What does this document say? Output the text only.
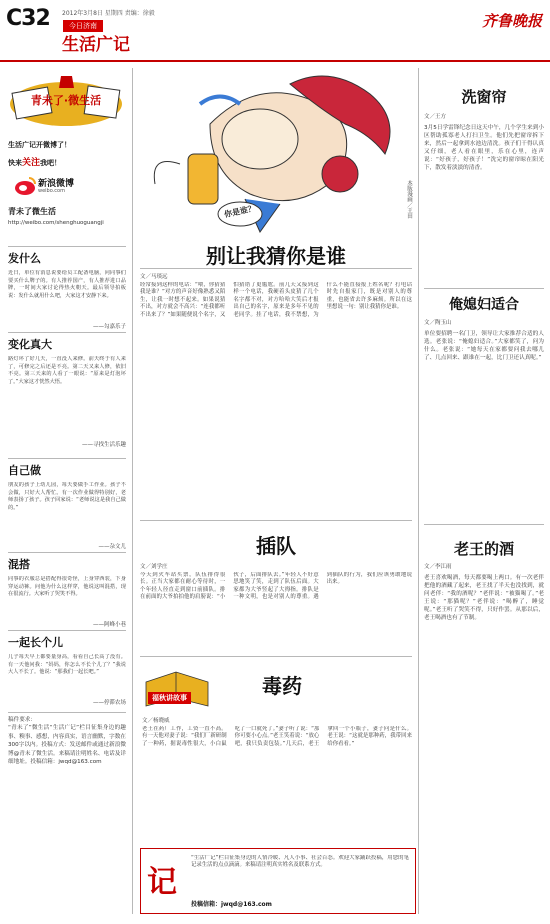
C32 2012年3月8日 星期四 责编：徐毅
今日济南
生活广记
齐鲁晚报
青未了·微生活
生活广记开微博了！
快来关注我吧！
新浪微博
weibo.com
青未了微生活
http://weibo.com/shenghuoguangji
发什么
近日，单位有消息说要给员工配备电脑，问同事们要买什么牌子的。有人推荐国产，有人推荐进口品牌，一时间大家讨论得热火朝天。最后领导拍板说：发什么就用什么吧，大家这才安静下来。
——勾嘉乐子
变化真大
路灯坏了好几天，一直没人来修。前天终于有人来了，可修完之后还是不亮。第二天又来人修，依旧不亮。第三天来的人看了一眼说：“原来是灯泡坏了。”大家这才恍然大悟。
——寻找生活乐趣
自己做
朋友的孩子上幼儿园，每天要做手工作业。孩子不会做，只好大人帮忙。有一次作业做得特别好，老师表扬了孩子。孩子回家说：“老师说这是我自己做的。”
——杂文儿
混搭
同事的衣服总是搭配得很奇怪，上身穿西装，下身穿运动裤。问他为什么这样穿，他说这叫混搭，现在很流行。大家听了哭笑不得。
——阿峰小巷
一起长个儿
儿子每天早上都要量身高，看看自己长高了没有。有一天他问我：“妈妈，你怎么不长个儿了？”我说大人不长了。他说：“那我们一起长吧。”
——停滞农场
稿件要求：
“青未了”微生活“生活广记”栏目征集身边的趣事、糗事、感想，内容真实，语言幽默，字数在300字以内。投稿方式：发送邮件或通过新浪微博@青未了微生活。来稿请注明姓名、电话及详细地址。投稿信箱：jwqd@163.com
你是谁？	本版漫画／王田
别让我猜你是谁
文／马琰远
经常接到这样的电话：“喂，你猜猜我是谁？”对方的声音好像熟悉又陌生，让我一时想不起来。如果说猜不出，对方就会不高兴：“连我都听不出来了？”如果随便说个名字，又怕猜错了更尴尬。前几天又接到这样一个电话，我硬着头皮猜了几个名字都不对，对方哈哈大笑后才报出自己的名字，原来是多年不见的老同学。挂了电话，我不禁想，为什么不能直接报上姓名呢？打电话时先自报家门，既是对别人的尊重，也能省去许多麻烦。所以在这里想说一句：别让我猜你是谁。
插队
文／刘学庄
今天到火车站买票，队伍排得很长。正当大家都在耐心等待时，一个年轻人径直走到窗口前插队。排在前面的大爷拍拍他的肩膀说：“小伙子，后面排队去。”年轻人不好意思地笑了笑，走到了队伍后面。大家都为大爷竖起了大拇指。排队是一种文明，也是对别人的尊重。遇到插队的行为，我们应该勇敢地说出来。
福秋讲故事	毒药
文／杨晓威
老王在药厂工作，工资一直不高。有一天他对妻子说：“我们厂新研制了一种药，据说毒性很大，小白鼠吃了一口就死了。”妻子听了说：“那你可要小心点。”老王笑着说：“放心吧，我只负责包装。”几天后，老王拿回一个小瓶子，妻子问是什么。老王说：“这就是那种药，我带回来给你看看。”
记
“生活广记”栏目征集身边的人情冷暖、凡人小事、社会百态。欢迎大家踊跃投稿，用您的笔记录生活的点点滴滴。来稿请注明真实姓名及联系方式。
投稿信箱：jwqd@163.com
洗窗帘
文／王方
3月5日学雷锋纪念日这天中午，几个学生来到小区帮助孤寡老人打扫卫生。他们先把窗帘拆下来，然后一起拿到水池边清洗。孩子们干得认真又仔细，老人看在眼里，乐在心里，连声说：“好孩子，好孩子！”洗完的窗帘晾在阳光下，散发着淡淡的清香。
俺媳妇适合
文／陶玉山
单位要招聘一名门卫，领导让大家推荐合适的人选。老张说：“俺媳妇适合。”大家都笑了，问为什么。老张说：“她每天在家都要问我去哪儿了、几点回来、跟谁在一起，比门卫还认真呢。”
老王的酒
文／李江雨
老王喜欢喝酒，每天都要喝上两口。有一次老伴把他的酒藏了起来，老王找了半天也没找到，就问老伴：“我的酒呢？”老伴说：“被猫喝了。”老王说：“那猫呢？”老伴说：“喝醉了，睡觉呢。”老王听了哭笑不得，只好作罢。从那以后，老王喝酒也有了节制。
